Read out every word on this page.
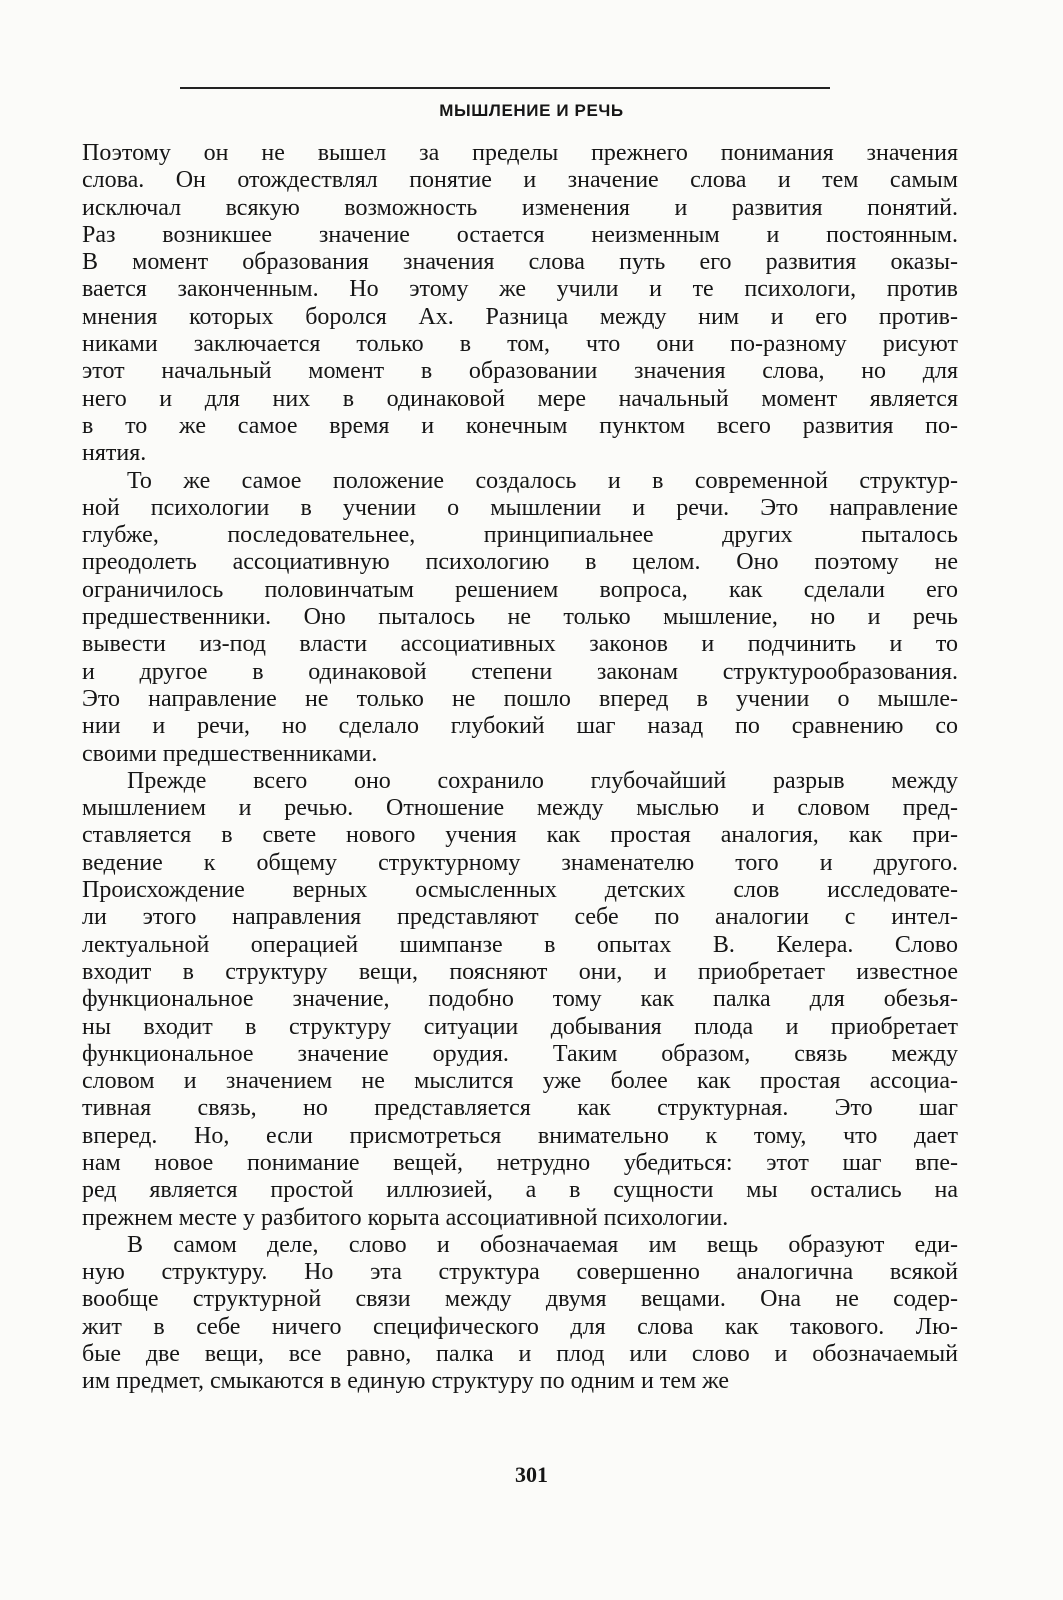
МЫШЛЕНИЕ И РЕЧЬ
Поэтому он не вышел за пределы прежнего понимания значения
слова. Он отождествлял понятие и значение слова и тем самым
исключал всякую возможность изменения и развития понятий.
Раз возникшее значение остается неизменным и постоянным.
В момент образования значения слова путь его развития оказы-
вается законченным. Но этому же учили и те психологи, против
мнения которых боролся Ах. Разница между ним и его против-
никами заключается только в том, что они по-разному рисуют
этот начальный момент в образовании значения слова, но для
него и для них в одинаковой мере начальный момент является
в то же самое время и конечным пунктом всего развития по-
нятия.
То же самое положение создалось и в современной структур-
ной психологии в учении о мышлении и речи. Это направление
глубже, последовательнее, принципиальнее других пыталось
преодолеть ассоциативную психологию в целом. Оно поэтому не
ограничилось половинчатым решением вопроса, как сделали его
предшественники. Оно пыталось не только мышление, но и речь
вывести из-под власти ассоциативных законов и подчинить и то
и другое в одинаковой степени законам структурообразования.
Это направление не только не пошло вперед в учении о мышле-
нии и речи, но сделало глубокий шаг назад по сравнению со
своими предшественниками.
Прежде всего оно сохранило глубочайший разрыв между
мышлением и речью. Отношение между мыслью и словом пред-
ставляется в свете нового учения как простая аналогия, как при-
ведение к общему структурному знаменателю того и другого.
Происхождение верных осмысленных детских слов исследовате-
ли этого направления представляют себе по аналогии с интел-
лектуальной операцией шимпанзе в опытах В. Келера. Слово
входит в структуру вещи, поясняют они, и приобретает известное
функциональное значение, подобно тому как палка для обезья-
ны входит в структуру ситуации добывания плода и приобретает
функциональное значение орудия. Таким образом, связь между
словом и значением не мыслится уже более как простая ассоциа-
тивная связь, но представляется как структурная. Это шаг
вперед. Но, если присмотреться внимательно к тому, что дает
нам новое понимание вещей, нетрудно убедиться: этот шаг впе-
ред является простой иллюзией, а в сущности мы остались на
прежнем месте у разбитого корыта ассоциативной психологии.
В самом деле, слово и обозначаемая им вещь образуют еди-
ную структуру. Но эта структура совершенно аналогична всякой
вообще структурной связи между двумя вещами. Она не содер-
жит в себе ничего специфического для слова как такового. Лю-
бые две вещи, все равно, палка и плод или слово и обозначаемый
им предмет, смыкаются в единую структуру по одним и тем же
301
